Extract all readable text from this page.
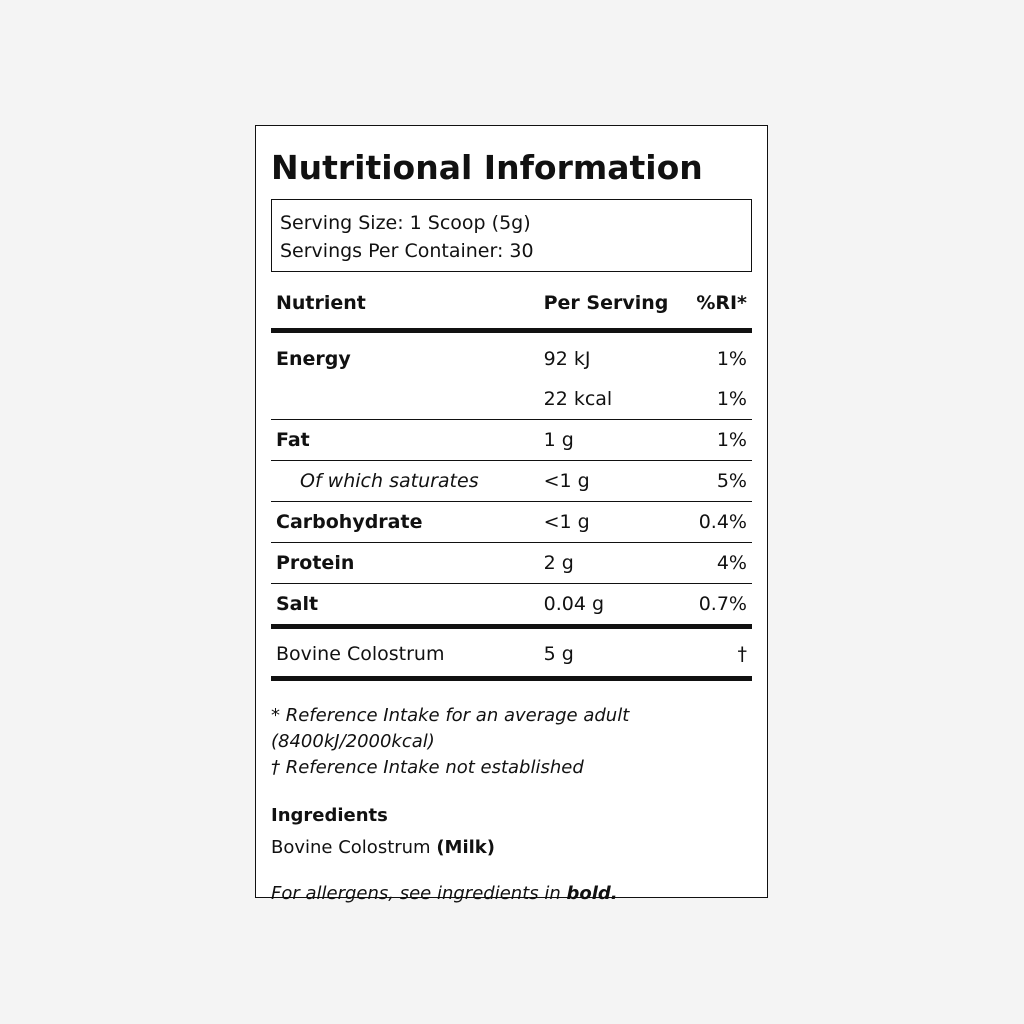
Nutritional Information
Serving Size: 1 Scoop (5g)
Servings Per Container: 30
Nutrient	Per Serving	%RI*
Energy	92 kJ	1%
	22 kcal	1%
Fat	1 g	1%
Of which saturates	<1 g	5%
Carbohydrate	<1 g	0.4%
Protein	2 g	4%
Salt	0.04 g	0.7%
Bovine Colostrum	5 g	†
* Reference Intake for an average adult (8400kJ/2000kcal)
† Reference Intake not established
Ingredients
Bovine Colostrum (Milk)
For allergens, see ingredients in bold.
